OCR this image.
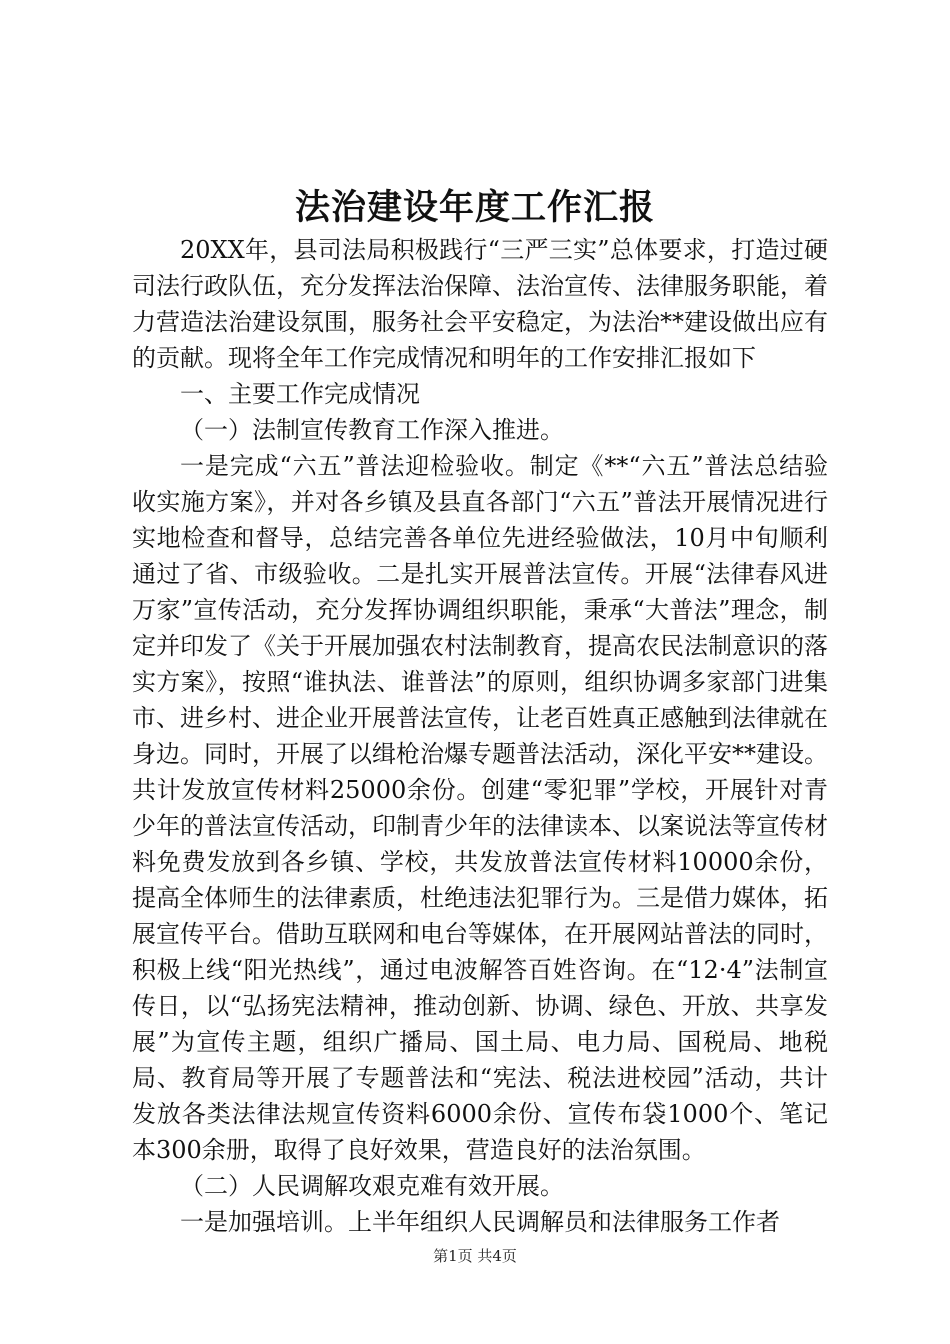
法治建设年度工作汇报

20XX年，县司法局积极践行“三严三实”总体要求，打造过硬司法行政队伍，充分发挥法治保障、法治宣传、法律服务职能，着力营造法治建设氛围，服务社会平安稳定，为法治**建设做出应有的贡献。现将全年工作完成情况和明年的工作安排汇报如下

一、主要工作完成情况

（一）法制宣传教育工作深入推进。

一是完成“六五”普法迎检验收。制定《**“六五”普法总结验收实施方案》，并对各乡镇及县直各部门“六五”普法开展情况进行实地检查和督导，总结完善各单位先进经验做法，10月中旬顺利通过了省、市级验收。二是扎实开展普法宣传。开展“法律春风进万家”宣传活动，充分发挥协调组织职能，秉承“大普法”理念，制定并印发了《关于开展加强农村法制教育，提高农民法制意识的落实方案》，按照“谁执法、谁普法”的原则，组织协调多家部门进集市、进乡村、进企业开展普法宣传，让老百姓真正感触到法律就在身边。同时，开展了以缉枪治爆专题普法活动，深化平安**建设。共计发放宣传材料25000余份。创建“零犯罪”学校，开展针对青少年的普法宣传活动，印制青少年的法律读本、以案说法等宣传材料免费发放到各乡镇、学校，共发放普法宣传材料10000余份，提高全体师生的法律素质，杜绝违法犯罪行为。三是借力媒体，拓展宣传平台。借助互联网和电台等媒体，在开展网站普法的同时，积极上线“阳光热线”，通过电波解答百姓咨询。在“12·4”法制宣传日，以“弘扬宪法精神，推动创新、协调、绿色、开放、共享发展”为宣传主题，组织广播局、国土局、电力局、国税局、地税局、教育局等开展了专题普法和“宪法、税法进校园”活动，共计发放各类法律法规宣传资料6000余份、宣传布袋1000个、笔记本300余册，取得了良好效果，营造良好的法治氛围。

（二）人民调解攻艰克难有效开展。

一是加强培训。上半年组织人民调解员和法律服务工作者

第1页 共4页
